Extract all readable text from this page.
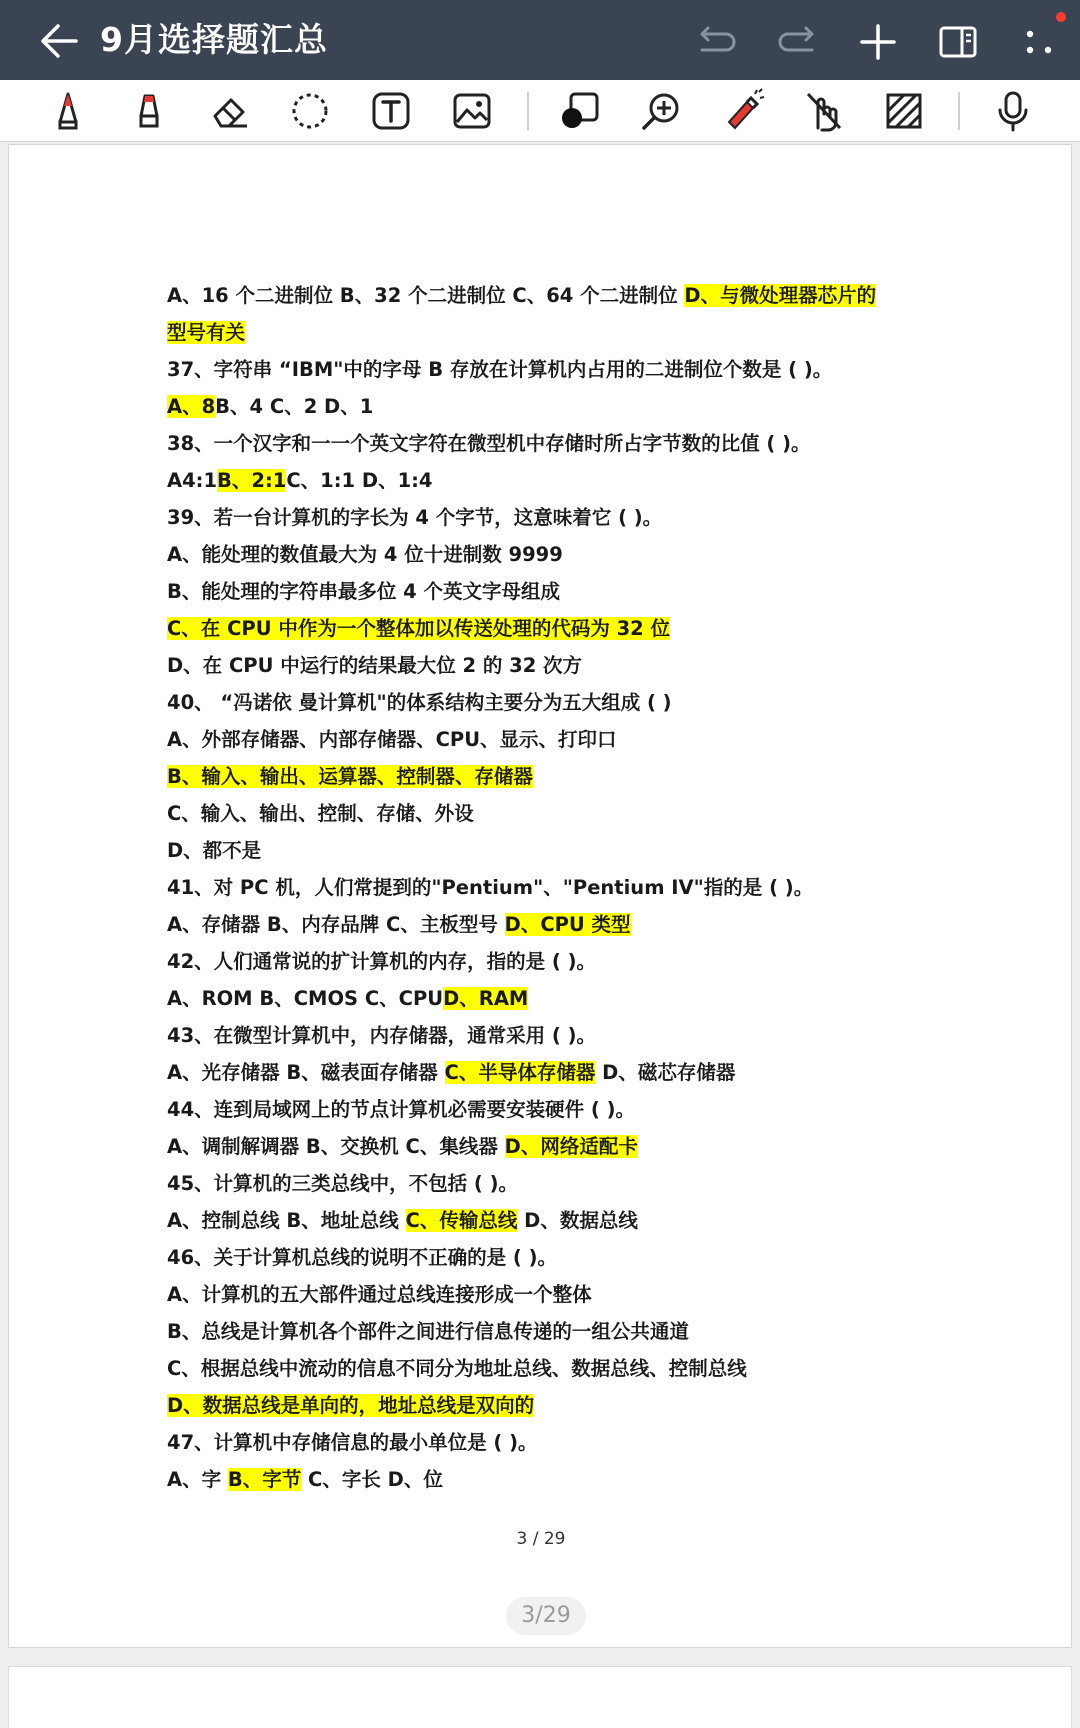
9月选择题汇总
A、16 个二进制位 B、32 个二进制位 C、64 个二进制位 D、与微处理器芯片的
型号有关
37、字符串 “IBM"中的字母 B 存放在计算机内占用的二进制位个数是 ( )。
A、8B、4 C、2 D、1
38、一个汉字和一一个英文字符在微型机中存储时所占字节数的比值 ( )。
A4:1B、2:1C、1:1 D、1:4
39、若一台计算机的字长为 4 个字节，这意味着它 ( )。
A、能处理的数值最大为 4 位十进制数 9999
B、能处理的字符串最多位 4 个英文字母组成
C、在 CPU 中作为一个整体加以传送处理的代码为 32 位
D、在 CPU 中运行的结果最大位 2 的 32 次方
40、 “冯诺依 曼计算机"的体系结构主要分为五大组成 ( )
A、外部存储器、内部存储器、CPU、显示、打印口
B、输入、输出、运算器、控制器、存储器
C、输入、输出、控制、存储、外设
D、都不是
41、对 PC 机，人们常提到的"Pentium"、"Pentium IV"指的是 ( )。
A、存储器 B、内存品牌 C、主板型号 D、CPU 类型
42、人们通常说的扩计算机的内存，指的是 ( )。
A、ROM B、CMOS C、CPUD、RAM
43、在微型计算机中，内存储器，通常采用 ( )。
A、光存储器 B、磁表面存储器 C、半导体存储器 D、磁芯存储器
44、连到局域网上的节点计算机必需要安装硬件 ( )。
A、调制解调器 B、交换机 C、集线器 D、网络适配卡
45、计算机的三类总线中，不包括 ( )。
A、控制总线 B、地址总线 C、传输总线 D、数据总线
46、关于计算机总线的说明不正确的是 ( )。
A、计算机的五大部件通过总线连接形成一个整体
B、总线是计算机各个部件之间进行信息传递的一组公共通道
C、根据总线中流动的信息不同分为地址总线、数据总线、控制总线
D、数据总线是单向的，地址总线是双向的
47、计算机中存储信息的最小单位是 ( )。
A、字 B、字节 C、字长 D、位
3 / 29
3/29
